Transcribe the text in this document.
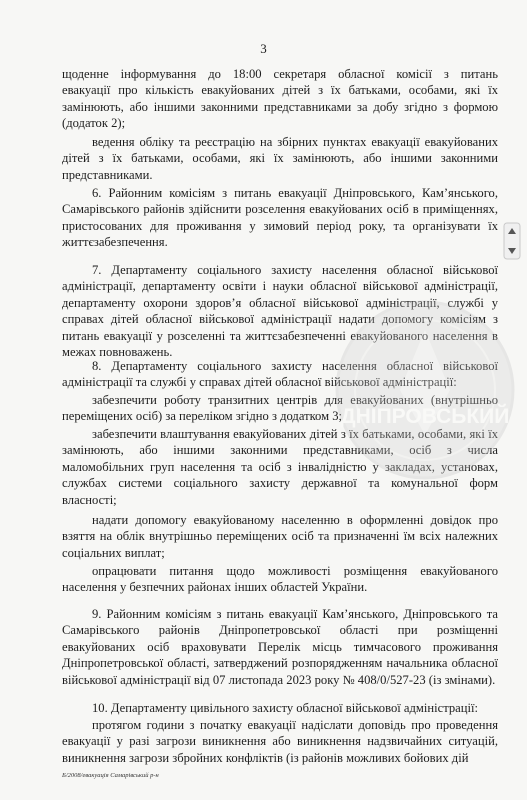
3
щоденне інформування до 18:00 секретаря обласної комісії з питань
евакуації про кількість евакуйованих дітей з їх батьками, особами, які їх
замінюють, або іншими законними представниками за добу згідно з формою
(додаток 2);
ведення обліку та реєстрацію на збірних пунктах евакуації евакуйованих
дітей з їх батьками, особами, які їх замінюють, або іншими законними
представниками.
6. Районним комісіям з питань евакуації Дніпровського, Кам’янського,
Самарівського районів здійснити розселення евакуйованих осіб в приміщеннях,
пристосованих для проживання у зимовий період року, та організувати їх
життєзабезпечення.
7. Департаменту соціального захисту населення обласної військової
адміністрації, департаменту освіти і науки обласної військової адміністрації,
департаменту охорони здоров’я обласної військової адміністрації, службі у
справах дітей обласної військової адміністрації надати допомогу комісіям з
питань евакуації у розселенні та життєзабезпеченні евакуйованого населення в
межах повноважень.
8. Департаменту соціального захисту населення обласної військової
адміністрації та службі у справах дітей обласної військової адміністрації:
забезпечити роботу транзитних центрів для евакуйованих (внутрішньо
переміщених осіб) за переліком згідно з додатком 3;
забезпечити влаштування евакуйованих дітей з їх батьками, особами, які їх
замінюють, або іншими законними представниками, осіб з числа
маломобільних груп населення та осіб з інвалідністю у закладах, установах,
службах системи соціального захисту державної та комунальної форм
власності;
надати допомогу евакуйованому населенню в оформленні довідок про
взяття на облік внутрішньо переміщених осіб та призначенні їм всіх належних
соціальних виплат;
опрацювати питання щодо можливості розміщення евакуйованого
населення у безпечних районах інших областей України.
9. Районним комісіям з питань евакуації Кам’янського, Дніпровського та
Самарівського районів Дніпропетровської області при розміщенні
евакуйованих осіб враховувати Перелік місць тимчасового проживання
Дніпропетровської області, затверджений розпорядженням начальника обласної
військової адміністрації від 07 листопада 2023 року № 408/0/527-23 (із змінами).
10. Департаменту цивільного захисту обласної військової адміністрації:
протягом години з початку евакуації надіслати доповідь про проведення
евакуації у разі загрози виникнення або виникнення надзвичайних ситуацій,
виникнення загрози збройних конфліктів (із районів можливих бойових дій
ДНІПРОВСЬКИЙ
Б/2008/евакуація Самарівський р-н
